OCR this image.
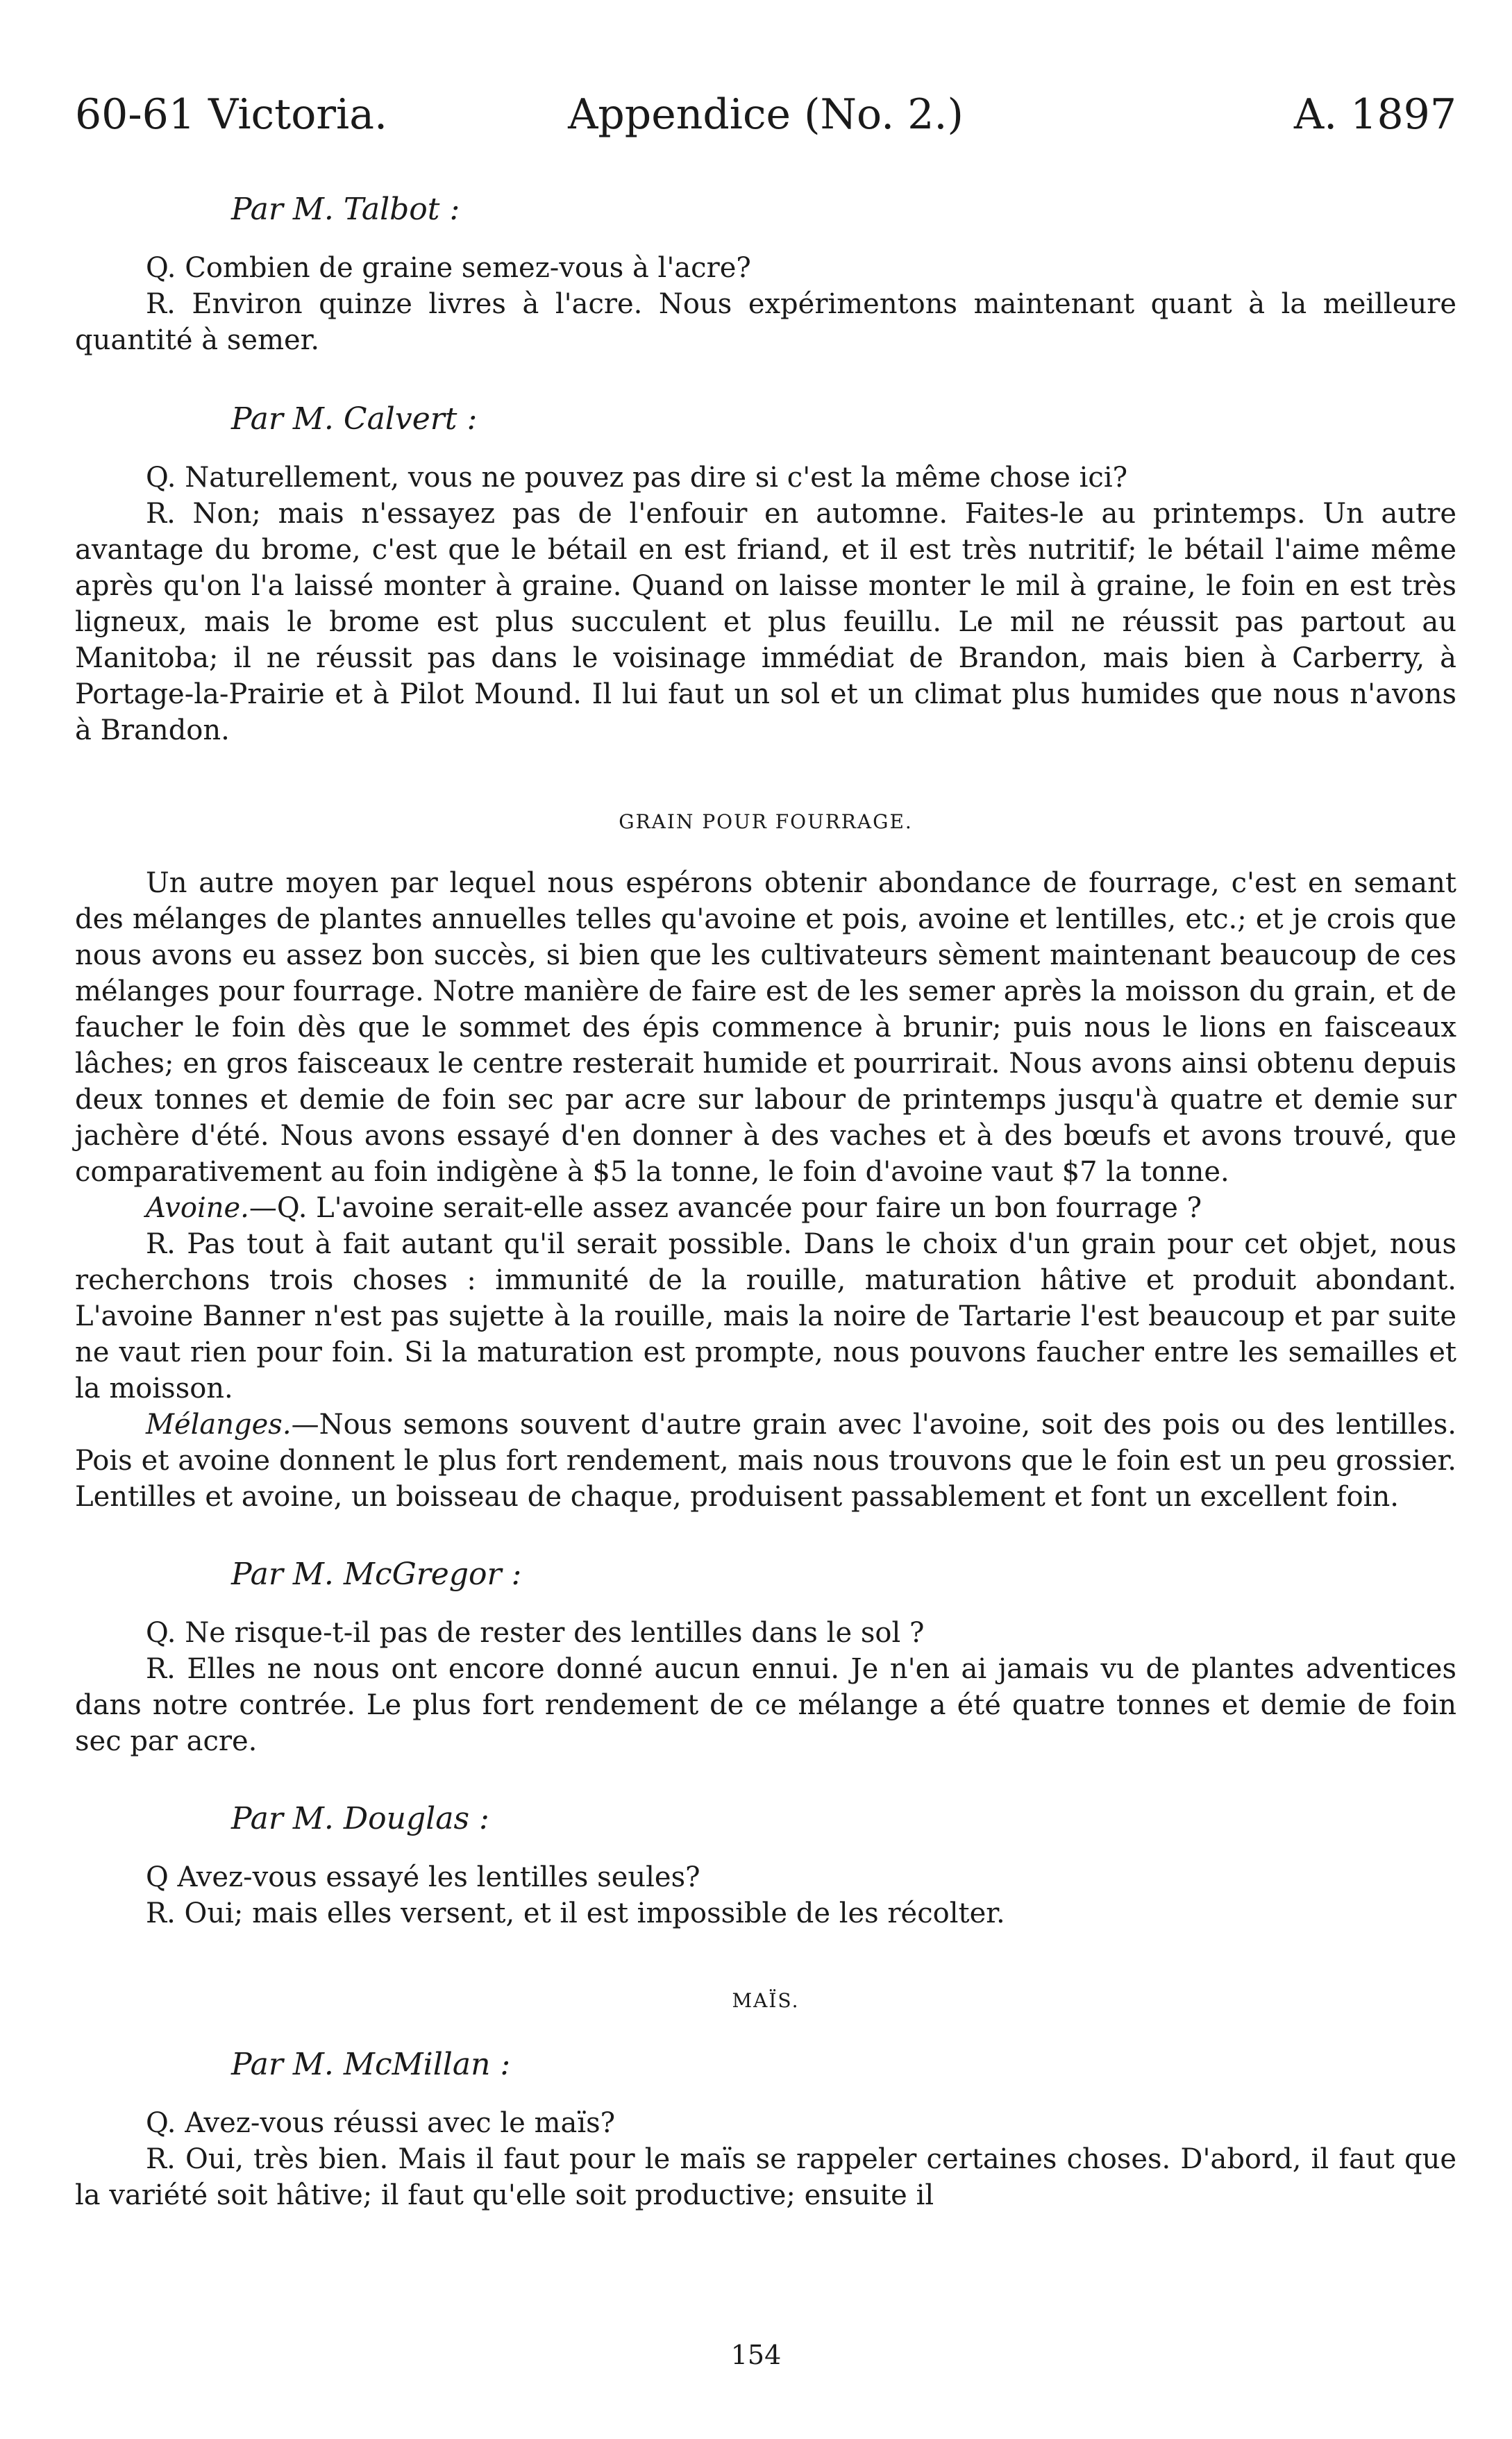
60-61 Victoria.	Appendice (No. 2.)	A. 1897
Par M. Talbot :

Q. Combien de graine semez-vous à l'acre?

R. Environ quinze livres à l'acre. Nous expérimentons maintenant quant à la meilleure quantité à semer.

Par M. Calvert :

Q. Naturellement, vous ne pouvez pas dire si c'est la même chose ici?

R. Non; mais n'essayez pas de l'enfouir en automne. Faites-le au printemps. Un autre avantage du brome, c'est que le bétail en est friand, et il est très nutritif; le bétail l'aime même après qu'on l'a laissé monter à graine. Quand on laisse monter le mil à graine, le foin en est très ligneux, mais le brome est plus succulent et plus feuillu. Le mil ne réussit pas partout au Manitoba; il ne réussit pas dans le voisinage immédiat de Brandon, mais bien à Carberry, à Portage-la-Prairie et à Pilot Mound. Il lui faut un sol et un climat plus humides que nous n'avons à Brandon.

GRAIN POUR FOURRAGE.

Un autre moyen par lequel nous espérons obtenir abondance de fourrage, c'est en semant des mélanges de plantes annuelles telles qu'avoine et pois, avoine et lentilles, etc.; et je crois que nous avons eu assez bon succès, si bien que les cultivateurs sèment maintenant beaucoup de ces mélanges pour fourrage. Notre manière de faire est de les semer après la moisson du grain, et de faucher le foin dès que le sommet des épis commence à brunir; puis nous le lions en faisceaux lâches; en gros faisceaux le centre resterait humide et pourrirait. Nous avons ainsi obtenu depuis deux tonnes et demie de foin sec par acre sur labour de printemps jusqu'à quatre et demie sur jachère d'été. Nous avons essayé d'en donner à des vaches et à des bœufs et avons trouvé, que comparativement au foin indigène à $5 la tonne, le foin d'avoine vaut $7 la tonne.

Avoine.—Q. L'avoine serait-elle assez avancée pour faire un bon fourrage ?

R. Pas tout à fait autant qu'il serait possible. Dans le choix d'un grain pour cet objet, nous recherchons trois choses : immunité de la rouille, maturation hâtive et produit abondant. L'avoine Banner n'est pas sujette à la rouille, mais la noire de Tartarie l'est beaucoup et par suite ne vaut rien pour foin. Si la maturation est prompte, nous pouvons faucher entre les semailles et la moisson.

Mélanges.—Nous semons souvent d'autre grain avec l'avoine, soit des pois ou des lentilles. Pois et avoine donnent le plus fort rendement, mais nous trouvons que le foin est un peu grossier. Lentilles et avoine, un boisseau de chaque, produisent passablement et font un excellent foin.

Par M. McGregor :

Q. Ne risque-t-il pas de rester des lentilles dans le sol ?

R. Elles ne nous ont encore donné aucun ennui. Je n'en ai jamais vu de plantes adventices dans notre contrée. Le plus fort rendement de ce mélange a été quatre tonnes et demie de foin sec par acre.

Par M. Douglas :

Q Avez-vous essayé les lentilles seules?

R. Oui; mais elles versent, et il est impossible de les récolter.

MAÏS.
Par M. McMillan :

Q. Avez-vous réussi avec le maïs?

R. Oui, très bien. Mais il faut pour le maïs se rappeler certaines choses. D'abord, il faut que la variété soit hâtive; il faut qu'elle soit productive; ensuite il

154
